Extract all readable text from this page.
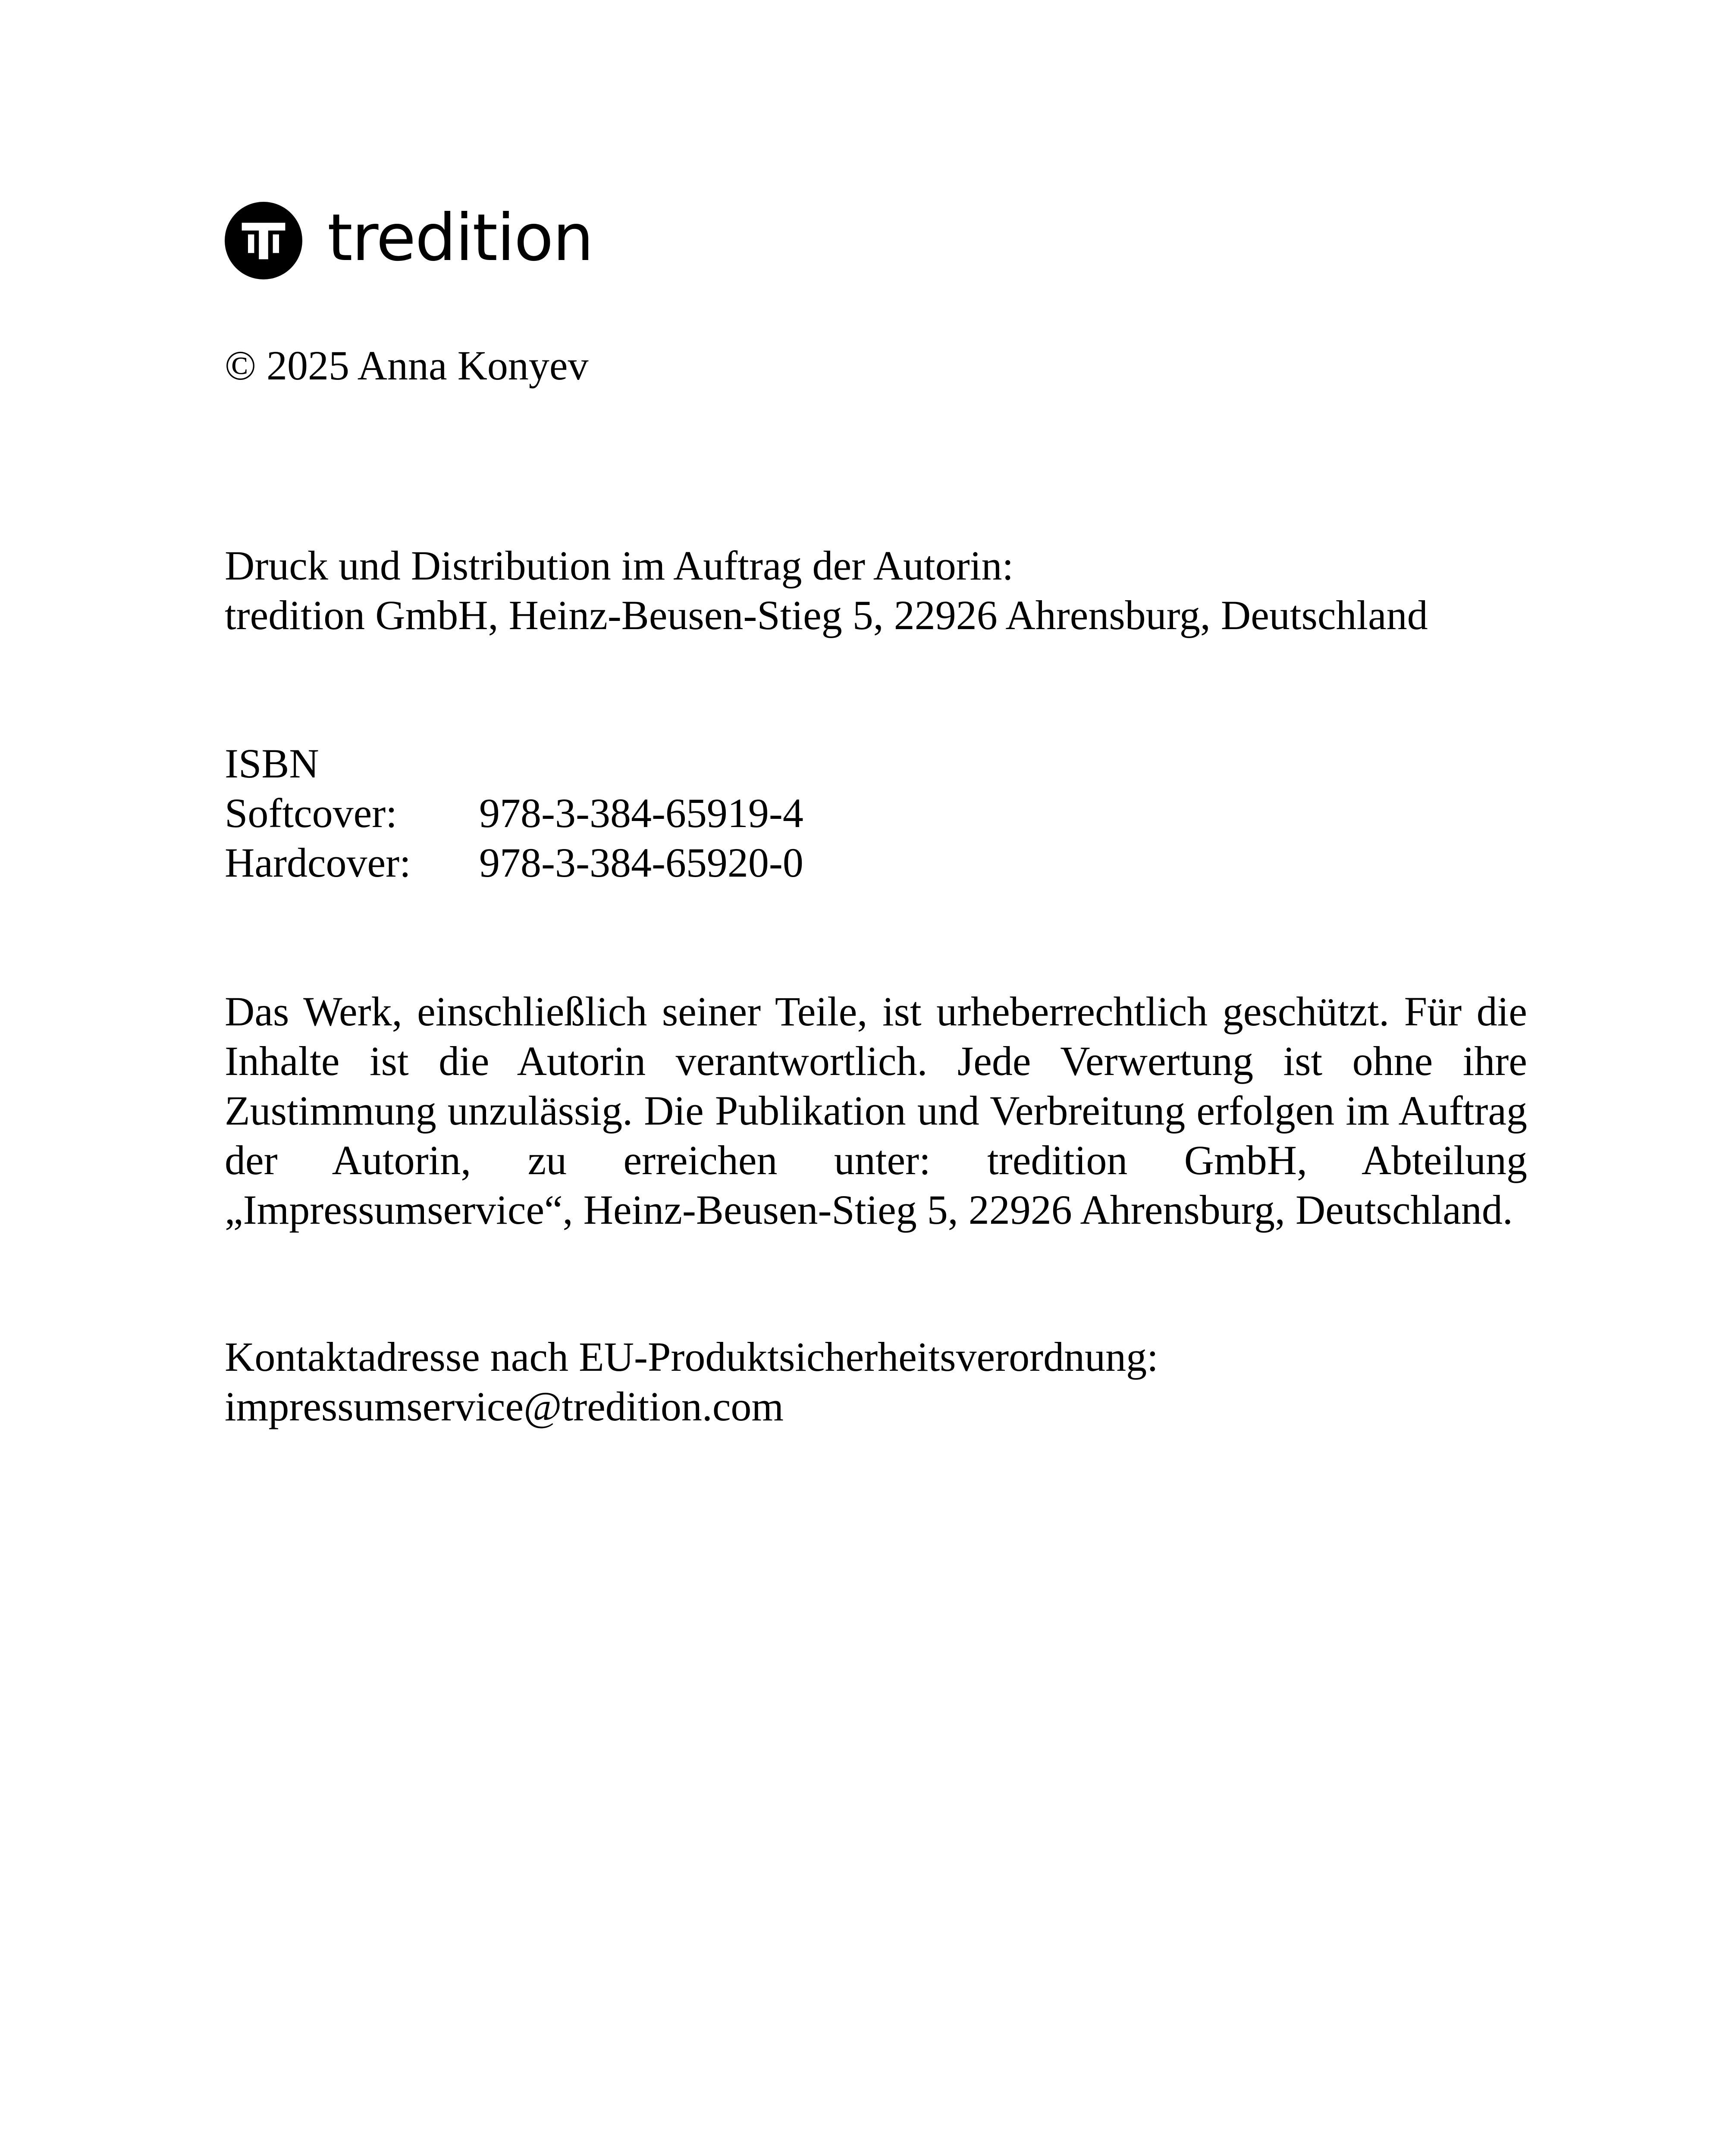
tredition

© 2025 Anna Konyev

Druck und Distribution im Auftrag der Autorin:

tredition GmbH, Heinz-Beusen-Stieg 5, 22926 Ahrensburg, Deutschland

ISBN

Softcover:	978-3-384-65919-4
Hardcover:	978-3-384-65920-0

Das Werk, einschließlich seiner Teile, ist urheberrechtlich geschützt. Für die Inhalte ist die Autorin verantwortlich. Jede Verwertung ist ohne ihre Zustimmung unzulässig. Die Publikation und Verbreitung erfolgen im Auftrag der Autorin, zu erreichen unter: tredition GmbH, Abteilung „Impressumservice“, Heinz-Beusen-Stieg 5, 22926 Ahrensburg, Deutschland.

Kontaktadresse nach EU-Produktsicherheitsverordnung:

impressumservice@tredition.com
